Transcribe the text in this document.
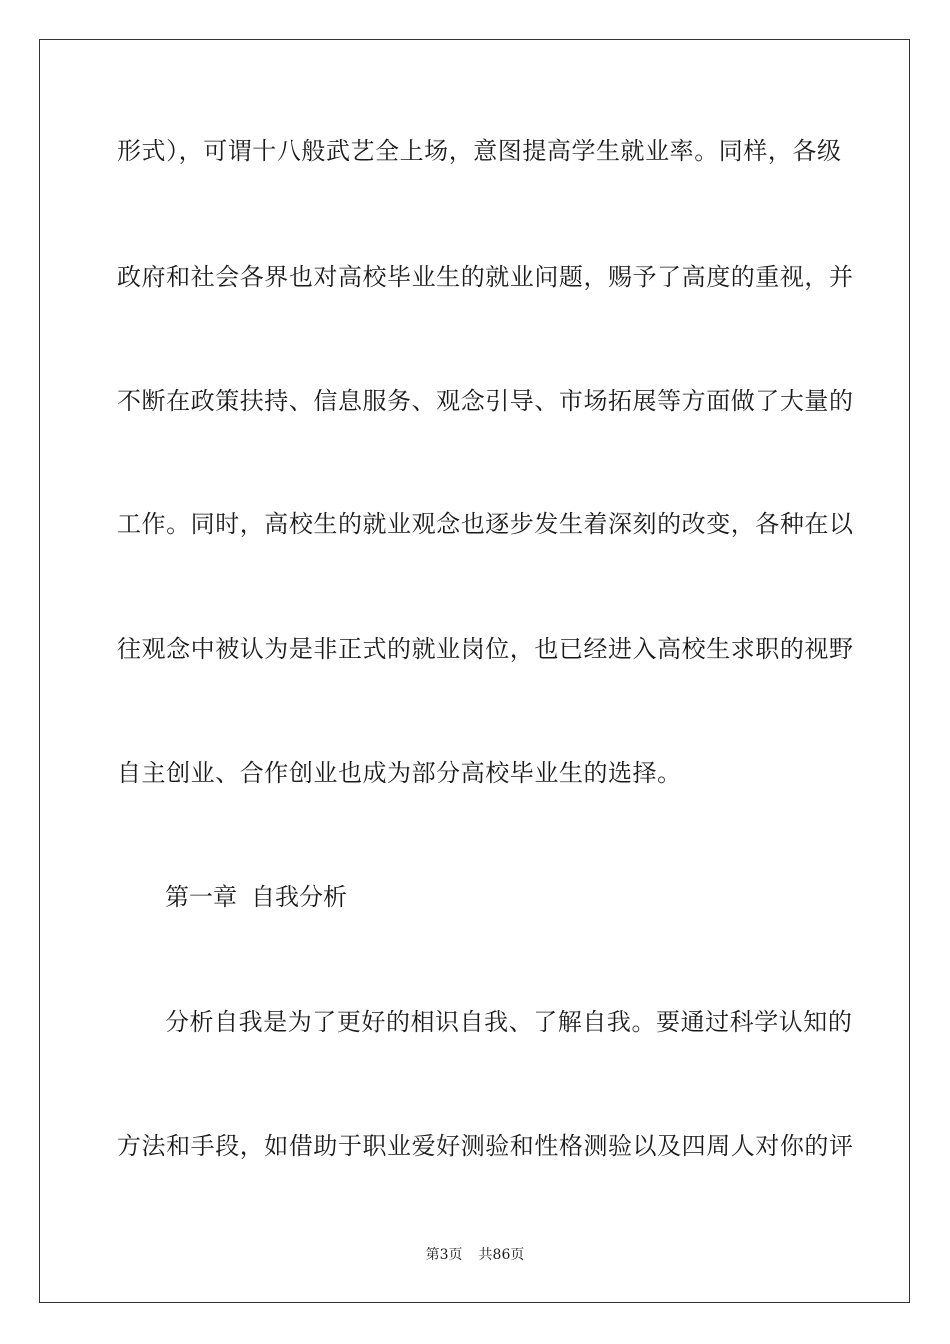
形式），可谓十八般武艺全上场，意图提高学生就业率。同样，各级
政府和社会各界也对高校毕业生的就业问题，赐予了高度的重视，并
不断在政策扶持、信息服务、观念引导、市场拓展等方面做了大量的
工作。同时，高校生的就业观念也逐步发生着深刻的改变，各种在以
往观念中被认为是非正式的就业岗位，也已经进入高校生求职的视野
自主创业、合作创业也成为部分高校毕业生的选择。
第一章 自我分析
分析自我是为了更好的相识自我、了解自我。要通过科学认知的
方法和手段，如借助于职业爱好测验和性格测验以及四周人对你的评
第3页 共86页
